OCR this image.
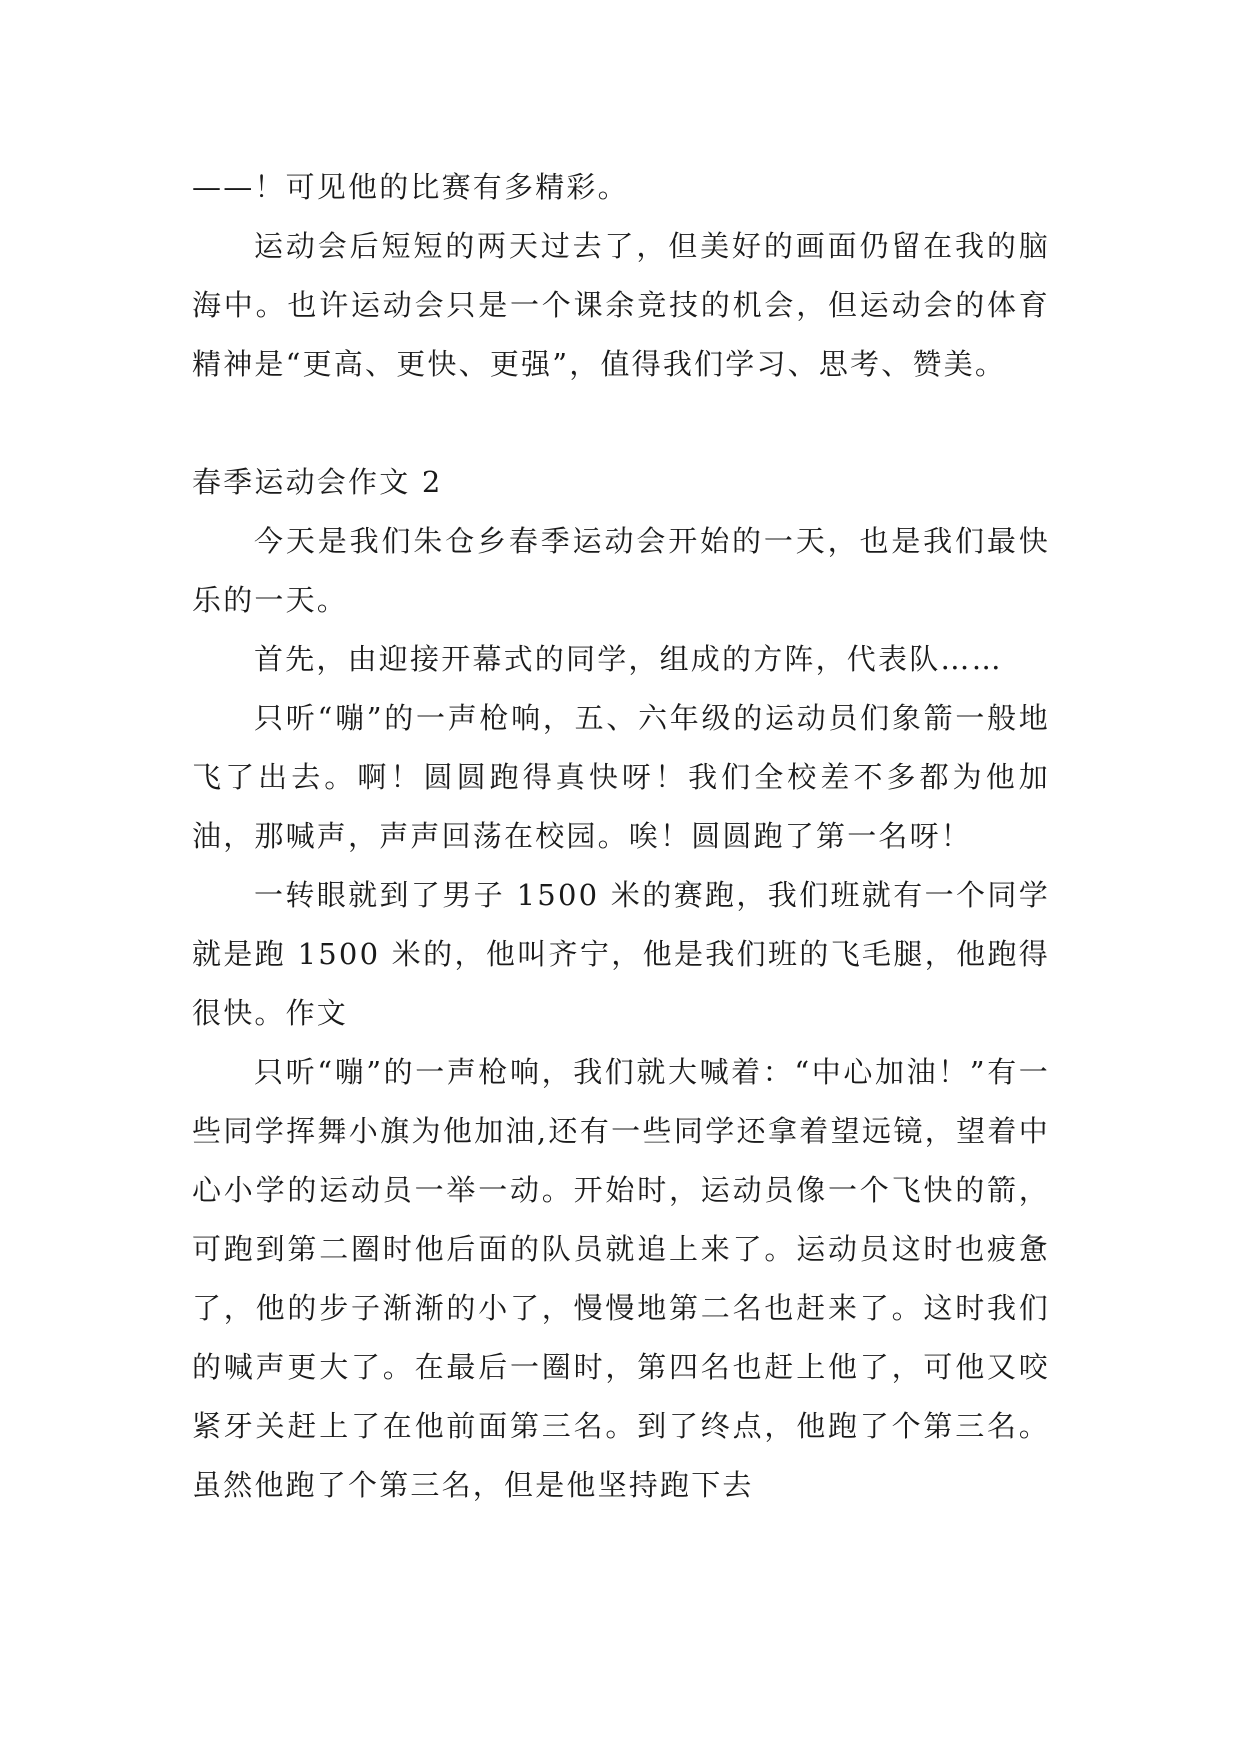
——！可见他的比赛有多精彩。

运动会后短短的两天过去了，但美好的画面仍留在我的脑海中。也许运动会只是一个课余竞技的机会，但运动会的体育精神是“更高、更快、更强”，值得我们学习、思考、赞美。

春季运动会作文 2

今天是我们朱仓乡春季运动会开始的一天，也是我们最快乐的一天。

首先，由迎接开幕式的同学，组成的方阵，代表队……

只听“嘣”的一声枪响，五、六年级的运动员们象箭一般地飞了出去。啊！圆圆跑得真快呀！我们全校差不多都为他加油，那喊声，声声回荡在校园。唉！圆圆跑了第一名呀！

一转眼就到了男子 1500 米的赛跑，我们班就有一个同学就是跑 1500 米的，他叫齐宁，他是我们班的飞毛腿，他跑得很快。作文

只听“嘣”的一声枪响，我们就大喊着：“中心加油！”有一些同学挥舞小旗为他加油,还有一些同学还拿着望远镜，望着中心小学的运动员一举一动。开始时，运动员像一个飞快的箭，可跑到第二圈时他后面的队员就追上来了。运动员这时也疲惫了，他的步子渐渐的小了，慢慢地第二名也赶来了。这时我们的喊声更大了。在最后一圈时，第四名也赶上他了，可他又咬紧牙关赶上了在他前面第三名。到了终点，他跑了个第三名。虽然他跑了个第三名，但是他坚持跑下去
